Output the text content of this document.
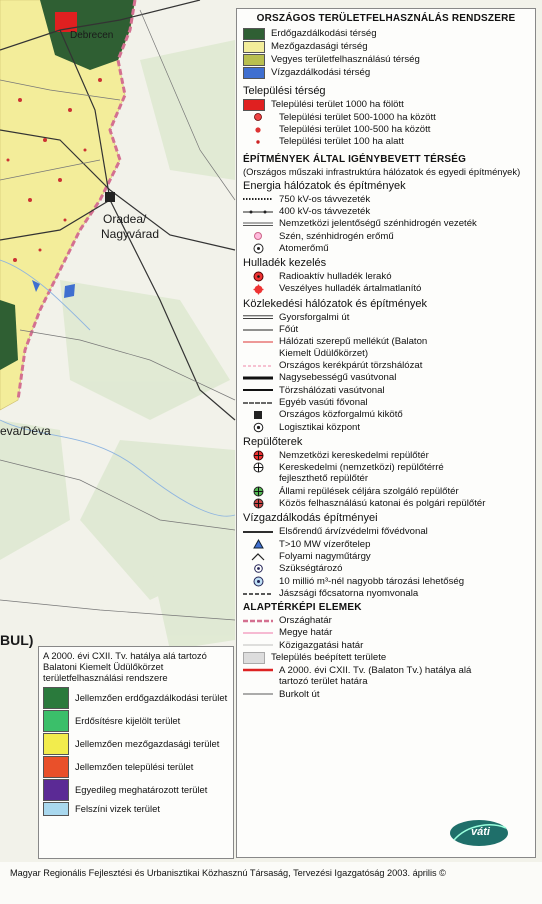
Debrecen
Oradea/
Nagyvárad
eva/Déva
BUL)
ORSZÁGOS TERÜLETFELHASZNÁLÁS RENDSZERE
Erdőgazdálkodási térség
Mezőgazdasági térség
Vegyes területfelhasználású térség
Vízgazdálkodási térség
Települési térség
Települési terület 1000 ha fölött
Települési terület 500-1000 ha között
Települési terület 100-500 ha között
Települési terület 100 ha alatt
ÉPÍTMÉNYEK ÁLTAL IGÉNYBEVETT TÉRSÉG
(Országos műszaki infrastruktúra hálózatok és egyedi építmények)
Energia hálózatok és építmények
750 kV-os távvezeték
400 kV-os távvezeték
Nemzetközi jelentőségű szénhidrogén vezeték
Szén, szénhidrogén erőmű
Atomerőmű
Hulladék kezelés
Radioaktív hulladék lerakó
Veszélyes hulladék ártalmatlanító
Közlekedési hálózatok és építmények
Gyorsforgalmi út
Főút
Hálózati szerepű mellékút (Balaton Kiemelt Üdülőkörzet)
Országos kerékpárút törzshálózat
Nagysebességű vasútvonal
Törzshálózati vasútvonal
Egyéb vasúti fővonal
Országos közforgalmú kikötő
Logisztikai központ
Repülőterek
Nemzetközi kereskedelmi repülőtér
Kereskedelmi (nemzetközi) repülőtérré fejleszthető repülőtér
Állami repülések céljára szolgáló repülőtér
Közös felhasználású katonai és polgári repülőtér
Vízgazdálkodás építményei
Elsőrendű árvízvédelmi fővédvonal
T>10 MW vízerőtelep
Folyami nagyműtárgy
Szükségtározó
10 millió m³-nél nagyobb tározási lehetőség
Jászsági főcsatorna nyomvonala
ALAPTÉRKÉPI ELEMEK
Országhatár
Megye határ
Közigazgatási határ
Település beépített területe
A 2000. évi CXII. Tv. (Balaton Tv.) hatálya alá tartozó terület határa
Burkolt út
váti
A 2000. évi CXII. Tv. hatálya alá tartozó Balatoni Kiemelt Üdülőkörzet területfelhasználási rendszere
Jellemzően erdőgazdálkodási terület
Erdősítésre kijelölt terület
Jellemzően mezőgazdasági terület
Jellemzően települési terület
Egyedileg meghatározott terület
Felszíni vizek terület
Magyar Regionális Fejlesztési és Urbanisztikai Közhasznú Társaság, Tervezési Igazgatóság 2003. április ©
